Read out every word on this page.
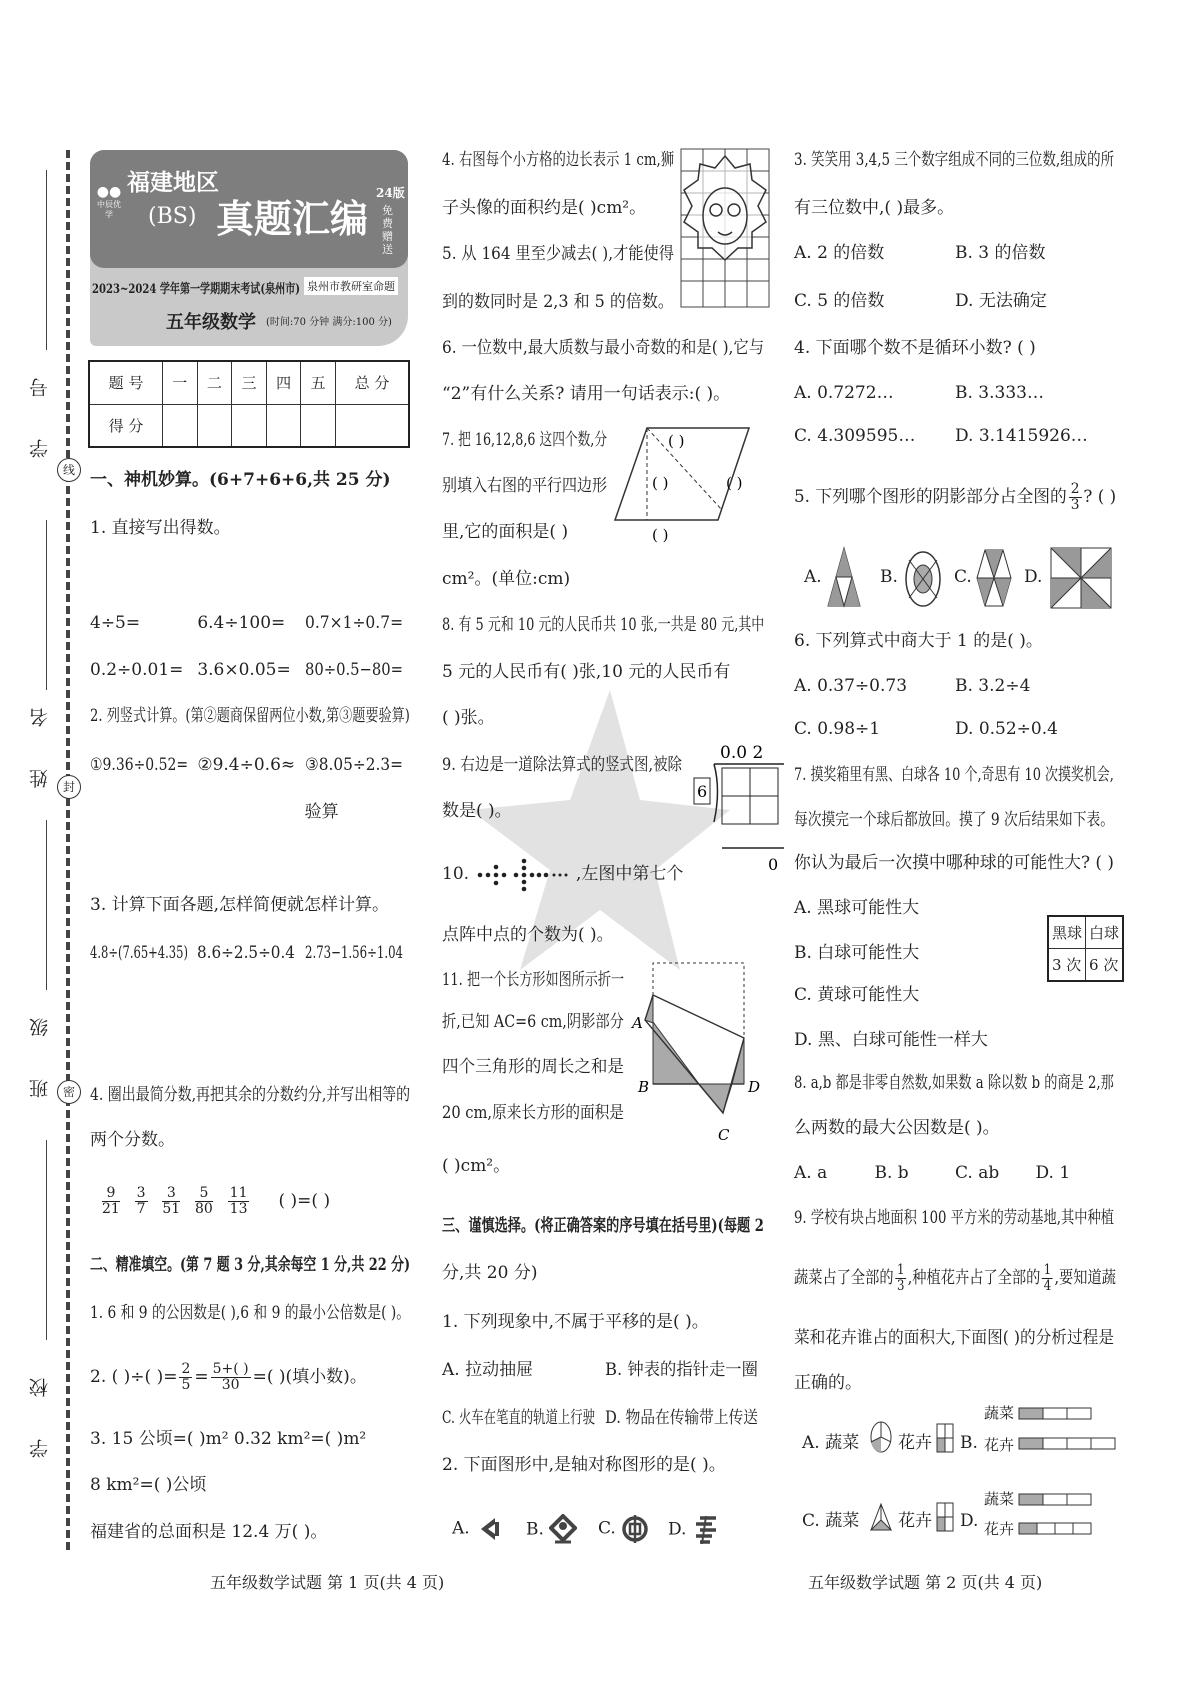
学 号
姓 名
班 级
学 校
线
封
密
●●
中辰优学
福建地区
(BS) 真题汇编
24版
免费赠送
2023~2024 学年第一学期期末考试(泉州市) 泉州市教研室命题
五年级数学 (时间:70 分钟 满分:100 分)
题 号	一	二	三	四	五	总 分
得 分						
$\frac{9}{21}$
$\frac{3}{7}$
$\frac{3}{51}$
$\frac{5}{80}$
$\frac{11}{13}$ ( )=( )
2. ( )÷( )= $\frac{2}{5} = \frac{5+( )}{30}$ =( )(填小数)。
( )
( )	( )
( )
0.0 2
6
0
A
B
C
D
A.	B.	C.	D.
5. 下列哪个图形的阴影部分占全图的 $\frac{2}{3}$ ? ( )
A.	B.	C.	D.
黑球	白球
3 次	6 次
蔬菜占了全部的 $\frac{1}{3}$ ,种植花卉占了全部的 $\frac{1}{4}$ ,要知道蔬
A. 蔬菜 花卉 B.
蔬菜
花卉
C. 蔬菜 花卉 D.
蔬菜
花卉
五年级数学试题 第 1 页(共 4 页)	五年级数学试题 第 2 页(共 4 页)
一、神机妙算。(6+7+6+6,共 25 分)
1. 直接写出得数。
4÷5=	6.4÷100= 0.7×1÷0.7=
0.2÷0.01= 3.6×0.05= 80÷0.5−80=
2. 列竖式计算。(第②题商保留两位小数,第③题要验算)
①9.36÷0.52= ②9.4÷0.6≈ ③8.05÷2.3=
验算
3. 计算下面各题,怎样简便就怎样计算。
4.8÷(7.65+4.35) 8.6÷2.5÷0.4 2.73−1.56÷1.04
4. 圈出最简分数,再把其余的分数约分,并写出相等的
两个分数。
二、精准填空。(第 7 题 3 分,其余每空 1 分,共 22 分)
1. 6 和 9 的公因数是( ),6 和 9 的最小公倍数是( )。
3. 15 公顷=( )m² 0.32 km²=( )m²
8 km²=( )公顷
福建省的总面积是 12.4 万( )。
4. 右图每个小方格的边长表示 1 cm,狮
子头像的面积约是( )cm²。
5. 从 164 里至少减去( ),才能使得
到的数同时是 2,3 和 5 的倍数。
6. 一位数中,最大质数与最小奇数的和是( ),它与
“2”有什么关系? 请用一句话表示:( )。
7. 把 16,12,8,6 这四个数,分
别填入右图的平行四边形
里,它的面积是( )
cm²。(单位:cm)
8. 有 5 元和 10 元的人民币共 10 张,一共是 80 元,其中
5 元的人民币有( )张,10 元的人民币有
( )张。
9. 右边是一道除法算式的竖式图,被除
数是( )。
10.	,左图中第七个
点阵中点的个数为( )。
11. 把一个长方形如图所示折一
折,已知 AC=6 cm,阴影部分
四个三角形的周长之和是
20 cm,原来长方形的面积是
( )cm²。
三、谨慎选择。(将正确答案的序号填在括号里)(每题 2
分,共 20 分)
1. 下列现象中,不属于平移的是( )。
A. 拉动抽屉	B. 钟表的指针走一圈
C. 火车在笔直的轨道上行驶 D. 物品在传输带上传送
2. 下面图形中,是轴对称图形的是( )。
3. 笑笑用 3,4,5 三个数字组成不同的三位数,组成的所
有三位数中,( )最多。
A. 2 的倍数	B. 3 的倍数
C. 5 的倍数	D. 无法确定
4. 下面哪个数不是循环小数? ( )
A. 0.7272…	B. 3.333…
C. 4.309595… D. 3.1415926…
6. 下列算式中商大于 1 的是( )。
A. 0.37÷0.73	B. 3.2÷4
C. 0.98÷1	D. 0.52÷0.4
7. 摸奖箱里有黑、白球各 10 个,奇思有 10 次摸奖机会,
每次摸完一个球后都放回。摸了 9 次后结果如下表。
你认为最后一次摸中哪种球的可能性大? ( )
A. 黑球可能性大
B. 白球可能性大
C. 黄球可能性大
D. 黑、白球可能性一样大
8. a,b 都是非零自然数,如果数 a 除以数 b 的商是 2,那
么两数的最大公因数是( )。
A. a	B. b	C. ab D. 1
9. 学校有块占地面积 100 平方米的劳动基地,其中种植
菜和花卉谁占的面积大,下面图( )的分析过程是
正确的。
